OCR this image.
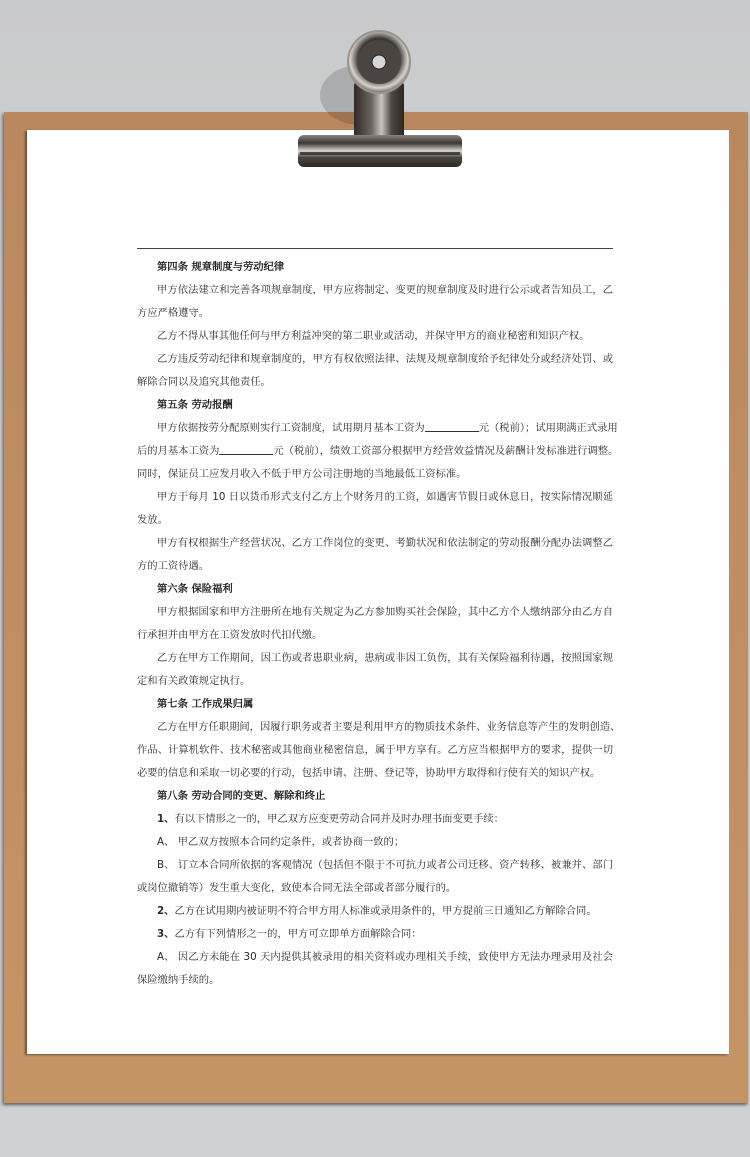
第四条 规章制度与劳动纪律
甲方依法建立和完善各项规章制度，甲方应将制定、变更的规章制度及时进行公示或者告知员工，乙
方应严格遵守。
乙方不得从事其他任何与甲方利益冲突的第二职业或活动，并保守甲方的商业秘密和知识产权。
乙方违反劳动纪律和规章制度的，甲方有权依照法律、法规及规章制度给予纪律处分或经济处罚、或
解除合同以及追究其他责任。
第五条 劳动报酬
甲方依据按劳分配原则实行工资制度，试用期月基本工资为	元（税前）；试用期满正式录用
后的月基本工资为	元（税前），绩效工资部分根据甲方经营效益情况及薪酬计发标准进行调整。
同时，保证员工应发月收入不低于甲方公司注册地的当地最低工资标准。
甲方于每月 10 日以货币形式支付乙方上个财务月的工资，如遇害节假日或休息日，按实际情况顺延
发放。
甲方有权根据生产经营状况、乙方工作岗位的变更、考勤状况和依法制定的劳动报酬分配办法调整乙
方的工资待遇。
第六条 保险福利
甲方根据国家和甲方注册所在地有关规定为乙方参加购买社会保险，其中乙方个人缴纳部分由乙方自
行承担并由甲方在工资发放时代扣代缴。
乙方在甲方工作期间，因工伤或者患职业病，患病或非因工负伤，其有关保险福利待遇，按照国家规
定和有关政策规定执行。
第七条 工作成果归属
乙方在甲方任职期间，因履行职务或者主要是利用甲方的物质技术条件、业务信息等产生的发明创造、
作品、计算机软件、技术秘密或其他商业秘密信息，属于甲方享有。乙方应当根据甲方的要求，提供一切
必要的信息和采取一切必要的行动，包括申请、注册、登记等，协助甲方取得和行使有关的知识产权。
第八条 劳动合同的变更、解除和终止
1、有以下情形之一的，甲乙双方应变更劳动合同并及时办理书面变更手续：
A、 甲乙双方按照本合同约定条件，或者协商一致的；
B、 订立本合同所依据的客观情况（包括但不限于不可抗力或者公司迁移、资产转移、被兼并、部门
或岗位撤销等）发生重大变化，致使本合同无法全部或者部分履行的。
2、乙方在试用期内被证明不符合甲方用人标准或录用条件的，甲方提前三日通知乙方解除合同。
3、乙方有下列情形之一的，甲方可立即单方面解除合同：
A、 因乙方未能在 30 天内提供其被录用的相关资料或办理相关手续，致使甲方无法办理录用及社会
保险缴纳手续的。
